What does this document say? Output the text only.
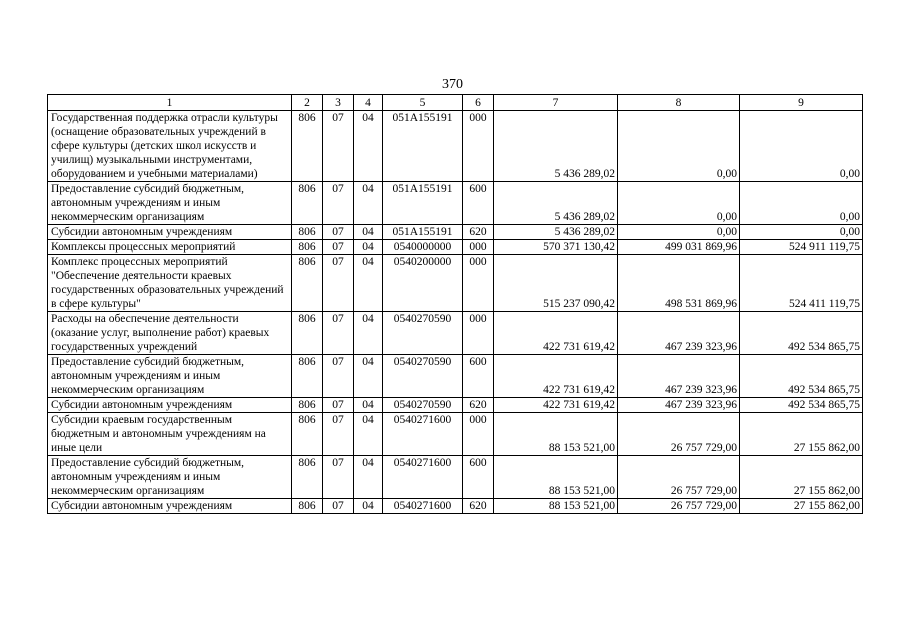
370
1	2	3	4	5	6	7	8	9
Государственная поддержка отрасли культуры (оснащение образовательных учреждений в сфере культуры (детских школ искусств и училищ) музыкальными инструментами, оборудованием и учебными материалами)	806	07	04	051A155191	000	5 436 289,02	0,00	0,00
Предоставление субсидий бюджетным, автономным учреждениям и иным некоммерческим организациям	806	07	04	051A155191	600	5 436 289,02	0,00	0,00
Субсидии автономным учреждениям	806	07	04	051A155191	620	5 436 289,02	0,00	0,00
Комплексы процессных мероприятий	806	07	04	0540000000	000	570 371 130,42	499 031 869,96	524 911 119,75
Комплекс процессных мероприятий "Обеспечение деятельности краевых государственных образовательных учреждений в сфере культуры"	806	07	04	0540200000	000	515 237 090,42	498 531 869,96	524 411 119,75
Расходы на обеспечение деятельности (оказание услуг, выполнение работ) краевых государственных учреждений	806	07	04	0540270590	000	422 731 619,42	467 239 323,96	492 534 865,75
Предоставление субсидий бюджетным, автономным учреждениям и иным некоммерческим организациям	806	07	04	0540270590	600	422 731 619,42	467 239 323,96	492 534 865,75
Субсидии автономным учреждениям	806	07	04	0540270590	620	422 731 619,42	467 239 323,96	492 534 865,75
Субсидии краевым государственным бюджетным и автономным учреждениям на иные цели	806	07	04	0540271600	000	88 153 521,00	26 757 729,00	27 155 862,00
Предоставление субсидий бюджетным, автономным учреждениям и иным некоммерческим организациям	806	07	04	0540271600	600	88 153 521,00	26 757 729,00	27 155 862,00
Субсидии автономным учреждениям	806	07	04	0540271600	620	88 153 521,00	26 757 729,00	27 155 862,00
